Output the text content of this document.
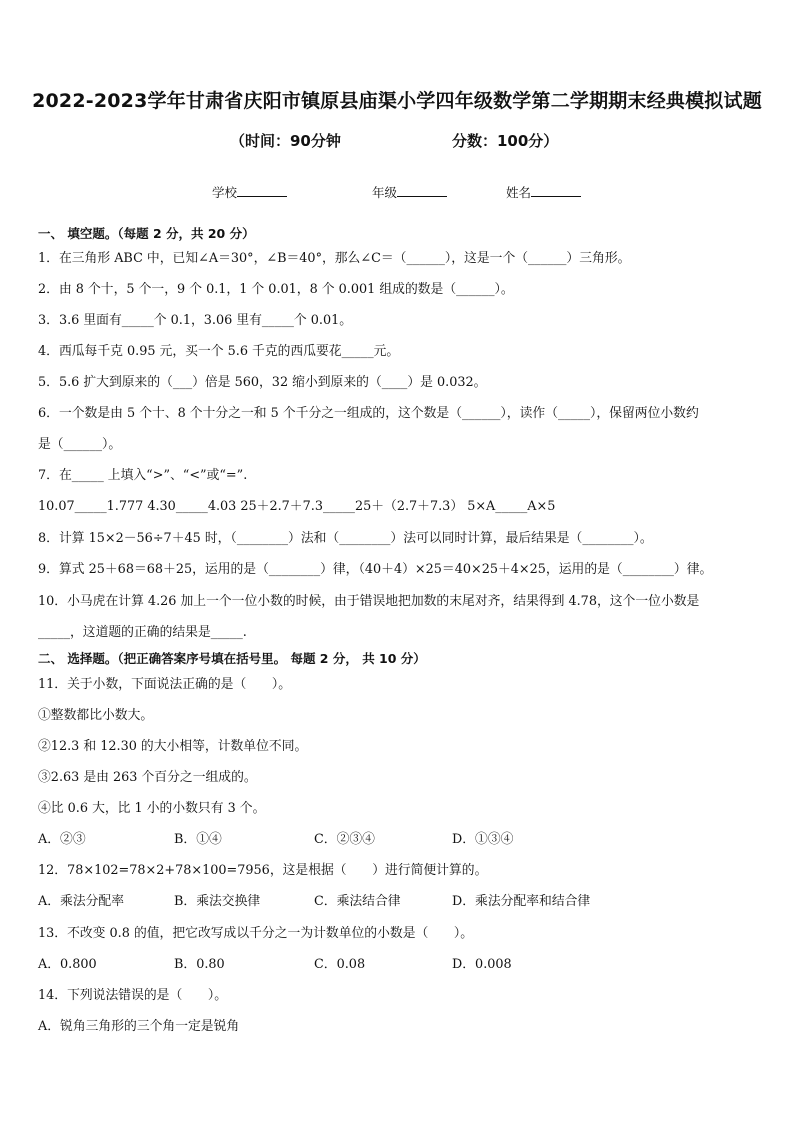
2022-2023学年甘肃省庆阳市镇原县庙渠小学四年级数学第二学期期末经典模拟试题
（时间：90分钟	分数：100分）
学校	年级	姓名
一、 填空题。（每题 2 分，共 20 分）
1．在三角形 ABC 中，已知∠A＝30°，∠B＝40°，那么∠C＝（______），这是一个（______）三角形。
2．由 8 个十，5 个一，9 个 0.1，1 个 0.01，8 个 0.001 组成的数是（______）。
3．3.6 里面有_____个 0.1，3.06 里有_____个 0.01。
4．西瓜每千克 0.95 元，买一个 5.6 千克的西瓜要花_____元。
5．5.6 扩大到原来的（___）倍是 560，32 缩小到原来的（____）是 0.032。
6．一个数是由 5 个十、8 个十分之一和 5 个千分之一组成的，这个数是（______），读作（_____），保留两位小数约
是（______）。
7．在_____ 上填入“>”、“<”或“=”.
10.07_____1.777 4.30_____4.03 25＋2.7＋7.3_____25＋（2.7＋7.3） 5×A_____A×5
8．计算 15×2－56÷7＋45 时，（________）法和（________）法可以同时计算，最后结果是（________）。
9．算式 25＋68＝68＋25，运用的是（________）律，（40＋4）×25＝40×25＋4×25，运用的是（________）律。
10．小马虎在计算 4.26 加上一个一位小数的时候，由于错误地把加数的末尾对齐，结果得到 4.78，这个一位小数是
_____，这道题的正确的结果是_____.
二、 选择题。（把正确答案序号填在括号里。 每题 2 分， 共 10 分）
11．关于小数，下面说法正确的是（　　）。
①整数都比小数大。
②12.3 和 12.30 的大小相等，计数单位不同。
③2.63 是由 263 个百分之一组成的。
④比 0.6 大，比 1 小的小数只有 3 个。
A．②③	B．①④	C．②③④	D．①③④
12．78×102=78×2+78×100=7956，这是根据（　　）进行简便计算的。
A．乘法分配率	B．乘法交换律	C．乘法结合律	D．乘法分配率和结合律
13．不改变 0.8 的值，把它改写成以千分之一为计数单位的小数是（　　）。
A．0.800	B．0.80	C．0.08	D．0.008
14．下列说法错误的是（　　）。
A．锐角三角形的三个角一定是锐角
